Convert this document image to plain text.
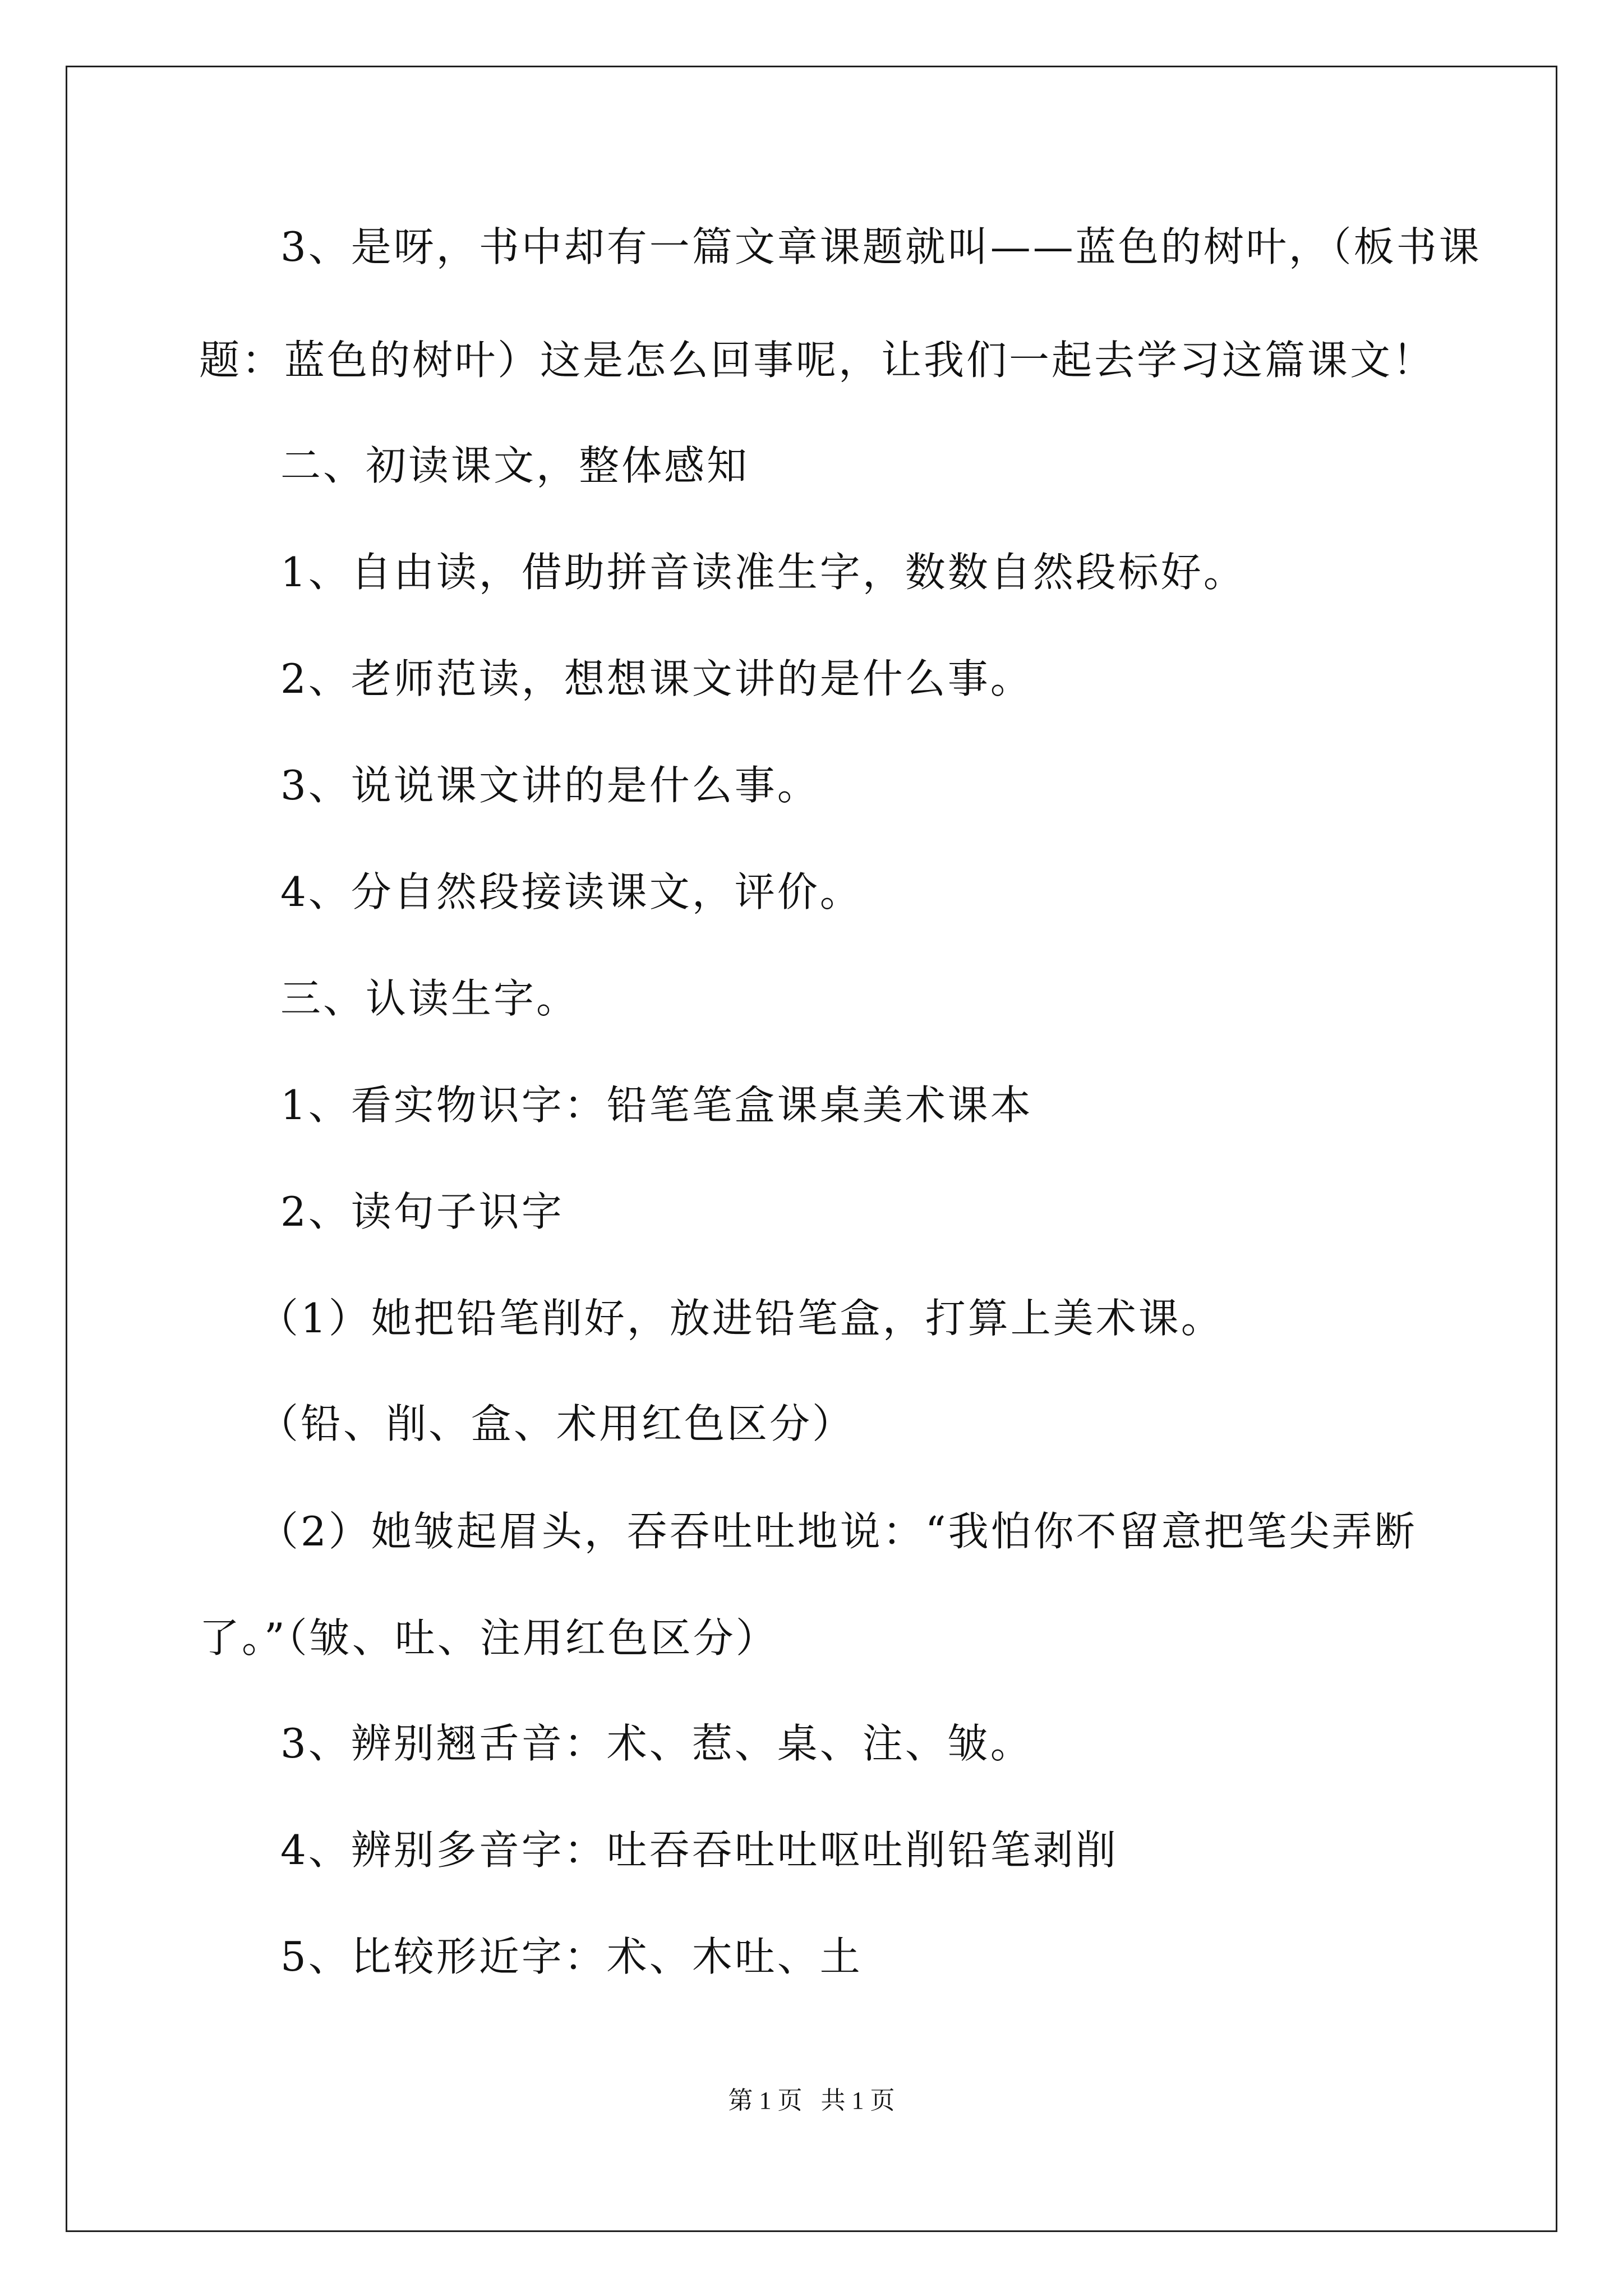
3、是呀，书中却有一篇文章课题就叫——蓝色的树叶，（板书课
题：蓝色的树叶）这是怎么回事呢，让我们一起去学习这篇课文！
二、初读课文，整体感知
1、自由读，借助拼音读准生字，数数自然段标好。
2、老师范读，想想课文讲的是什么事。
3、说说课文讲的是什么事。
4、分自然段接读课文，评价。
三、认读生字。
1、看实物识字：铅笔笔盒课桌美术课本
2、读句子识字
（1）她把铅笔削好，放进铅笔盒，打算上美术课。
（铅、削、盒、术用红色区分）
（2）她皱起眉头，吞吞吐吐地说：“我怕你不留意把笔尖弄断
了。”（皱、吐、注用红色区分）
3、辨别翘舌音：术、惹、桌、注、皱。
4、辨别多音字：吐吞吞吐吐呕吐削铅笔剥削
5、比较形近字：术、木吐、土
第 1 页   共 1 页
